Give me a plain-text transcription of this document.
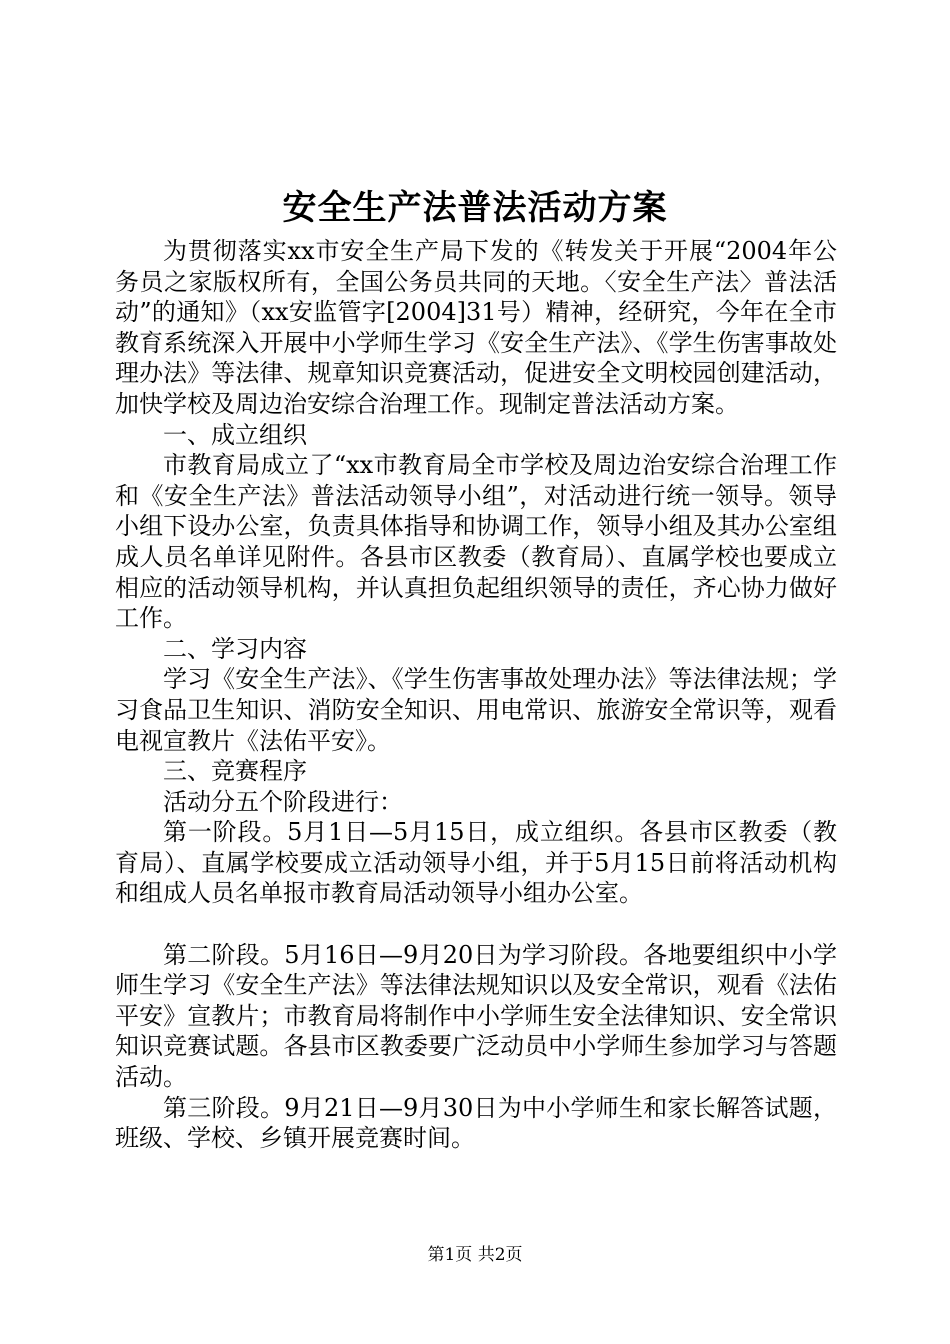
安全生产法普法活动方案

为贯彻落实xx市安全生产局下发的《转发关于开展“2004年公务员之家版权所有，全国公务员共同的天地。〈安全生产法〉普法活动”的通知》（xx安监管字[2004]31号）精神，经研究，今年在全市教育系统深入开展中小学师生学习《安全生产法》、《学生伤害事故处理办法》等法律、规章知识竞赛活动，促进安全文明校园创建活动，加快学校及周边治安综合治理工作。现制定普法活动方案。

一、成立组织

市教育局成立了“xx市教育局全市学校及周边治安综合治理工作和《安全生产法》普法活动领导小组”，对活动进行统一领导。领导小组下设办公室，负责具体指导和协调工作，领导小组及其办公室组成人员名单详见附件。各县市区教委（教育局）、直属学校也要成立相应的活动领导机构，并认真担负起组织领导的责任，齐心协力做好工作。

二、学习内容

学习《安全生产法》、《学生伤害事故处理办法》等法律法规；学习食品卫生知识、消防安全知识、用电常识、旅游安全常识等，观看电视宣教片《法佑平安》。

三、竞赛程序

活动分五个阶段进行：

第一阶段。5月1日—5月15日，成立组织。各县市区教委（教育局）、直属学校要成立活动领导小组，并于5月15日前将活动机构和组成人员名单报市教育局活动领导小组办公室。

第二阶段。5月16日—9月20日为学习阶段。各地要组织中小学师生学习《安全生产法》等法律法规知识以及安全常识，观看《法佑平安》宣教片；市教育局将制作中小学师生安全法律知识、安全常识知识竞赛试题。各县市区教委要广泛动员中小学师生参加学习与答题活动。

第三阶段。9月21日—9月30日为中小学师生和家长解答试题，班级、学校、乡镇开展竞赛时间。

第1页 共2页
